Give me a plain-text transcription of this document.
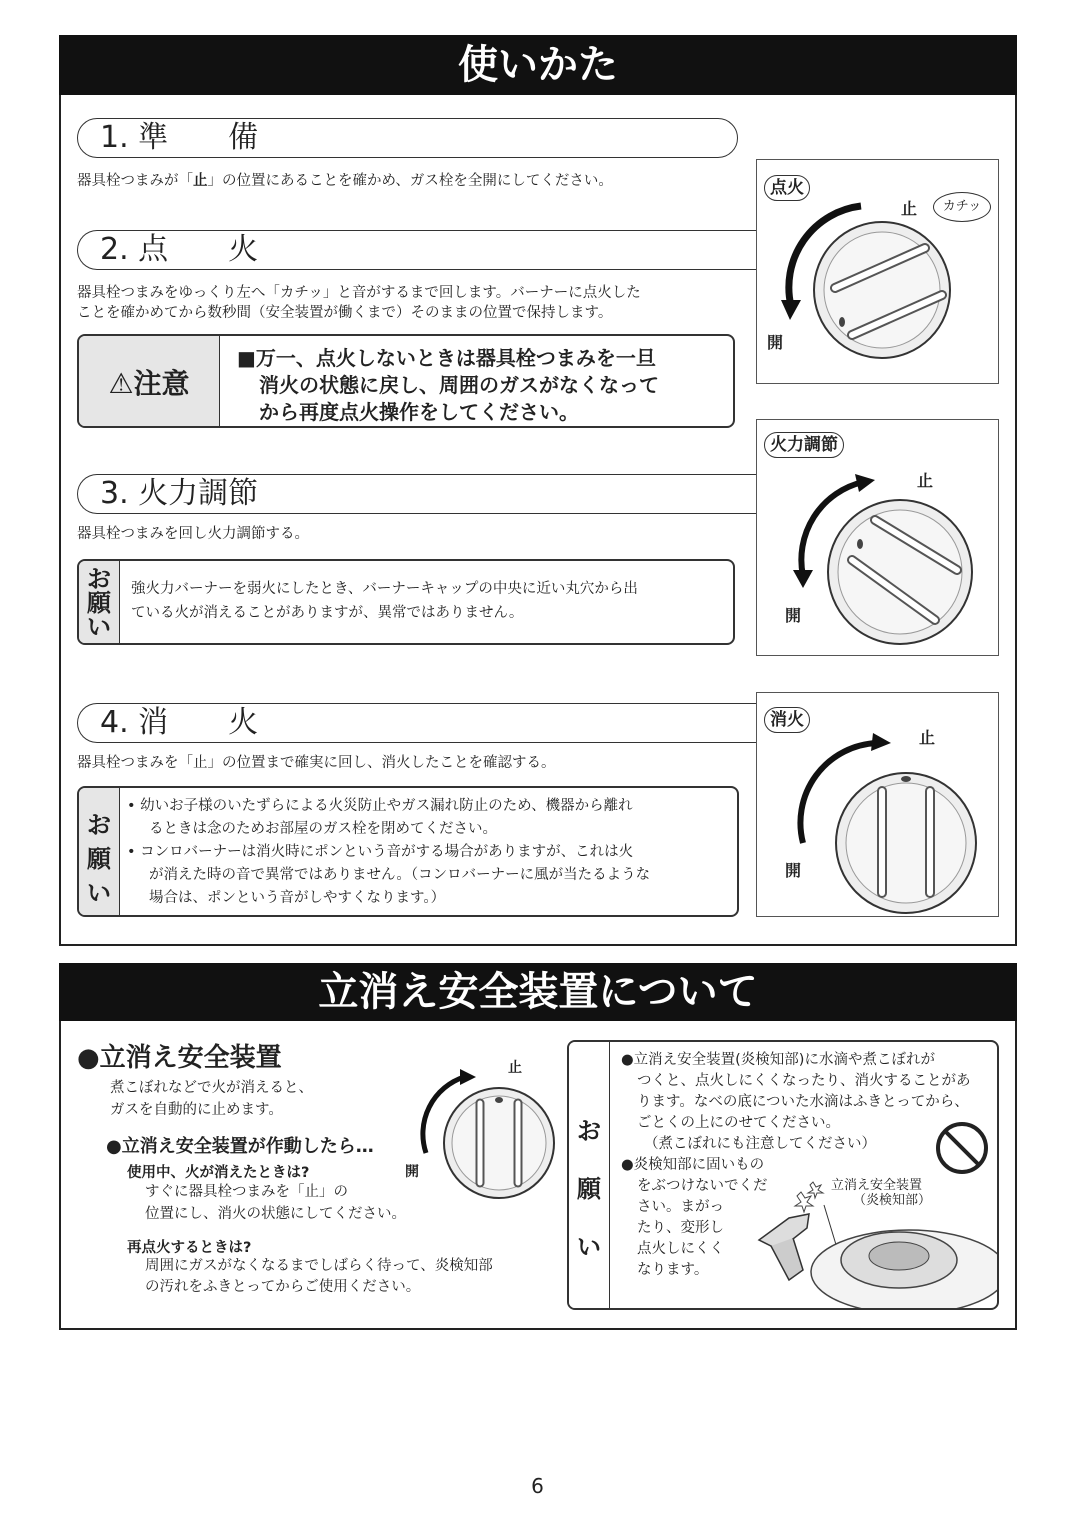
使いかた
1. 準　　備
器具栓つまみが「止」の位置にあることを確かめ、ガス栓を全開にしてください。
2. 点　　火
器具栓つまみをゆっくり左へ「カチッ」と音がするまで回します。バーナーに点火した
ことを確かめてから数秒間（安全装置が働くまで）そのままの位置で保持します。
⚠注意
■万一、点火しないときは器具栓つまみを一旦
消火の状態に戻し、周囲のガスがなくなって
から再度点火操作をしてください。
3. 火力調節
器具栓つまみを回し火力調節する。
お願い
強火力バーナーを弱火にしたとき、バーナーキャップの中央に近い丸穴から出
ている火が消えることがありますが、異常ではありません。
4. 消　　火
器具栓つまみを「止」の位置まで確実に回し、消火したことを確認する。
お願い
• 幼いお子様のいたずらによる火災防止やガス漏れ防止のため、機器から離れ
るときは念のためお部屋のガス栓を閉めてください。
• コンロバーナーは消火時にポンという音がする場合がありますが、これは火
が消えた時の音で異常ではありません。（コンロバーナーに風が当たるような
場合は、ポンという音がしやすくなります。）
点火
止	カチッ
開
火力調節
止
開
消火
止
開
立消え安全装置について
●立消え安全装置
煮こぼれなどで火が消えると、
ガスを自動的に止めます。
●立消え安全装置が作動したら…
使用中、火が消えたときは?
すぐに器具栓つまみを「止」の
位置にし、消火の状態にしてください。
再点火するときは?
周囲にガスがなくなるまでしばらく待って、炎検知部
の汚れをふきとってからご使用ください。
止
開
お願い
●立消え安全装置(炎検知部)に水滴や煮こぼれが
つくと、点火しにくくなったり、消火することがあ
ります。なべの底についた水滴はふきとってから、
ごとくの上にのせてください。
（煮こぼれにも注意してください）
●炎検知部に固いもの
をぶつけないでくだ
さい。まがっ
たり、変形し
点火しにくく
なります。
立消え安全装置
（炎検知部）
6
